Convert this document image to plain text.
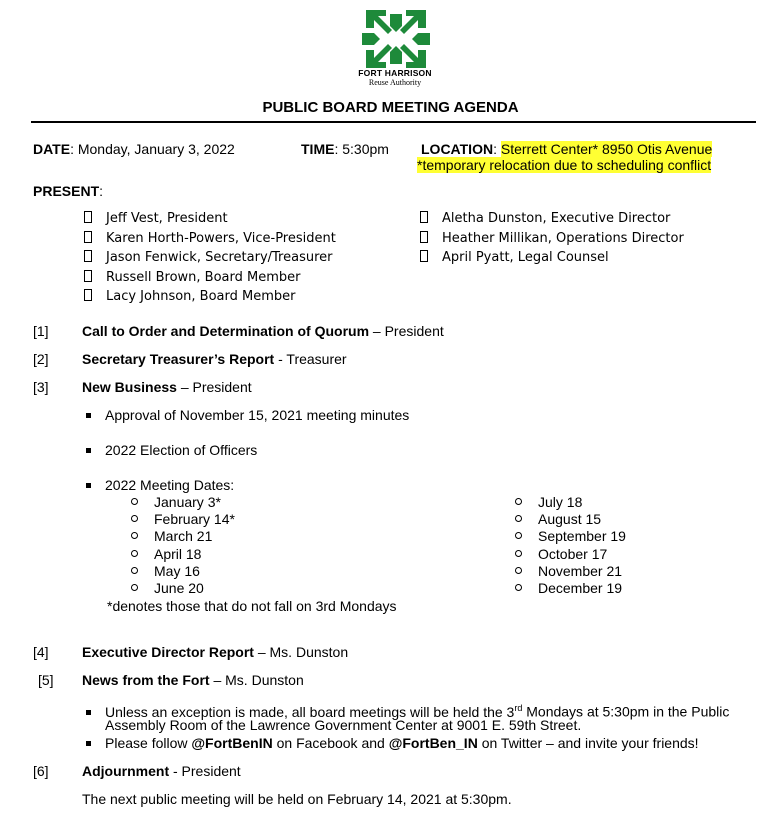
FORT HARRISON
Reuse Authority
PUBLIC BOARD MEETING AGENDA
DATE: Monday, January 3, 2022	TIME: 5:30pm LOCATION: Sterrett Center* 8950 Otis Avenue
*temporary relocation due to scheduling conflict
PRESENT:
Jeff Vest, President
Karen Horth-Powers, Vice-President
Jason Fenwick, Secretary/Treasurer
Russell Brown, Board Member
Lacy Johnson, Board Member
Aletha Dunston, Executive Director
Heather Millikan, Operations Director
April Pyatt, Legal Counsel
[1] Call to Order and Determination of Quorum – President
[2] Secretary Treasurer’s Report - Treasurer
[3] New Business – President
Approval of November 15, 2021 meeting minutes
2022 Election of Officers
2022 Meeting Dates:
January 3*
February 14*
March 21
April 18
May 16
June 20
July 18
August 15
September 19
October 17
November 21
December 19
*denotes those that do not fall on 3rd Mondays
[4] Executive Director Report – Ms. Dunston
[5] News from the Fort – Ms. Dunston
Unless an exception is made, all board meetings will be held the 3rd Mondays at 5:30pm in the Public
Assembly Room of the Lawrence Government Center at 9001 E. 59th Street.
Please follow @FortBenIN on Facebook and @FortBen_IN on Twitter – and invite your friends!
[6] Adjournment - President
The next public meeting will be held on February 14, 2021 at 5:30pm.
